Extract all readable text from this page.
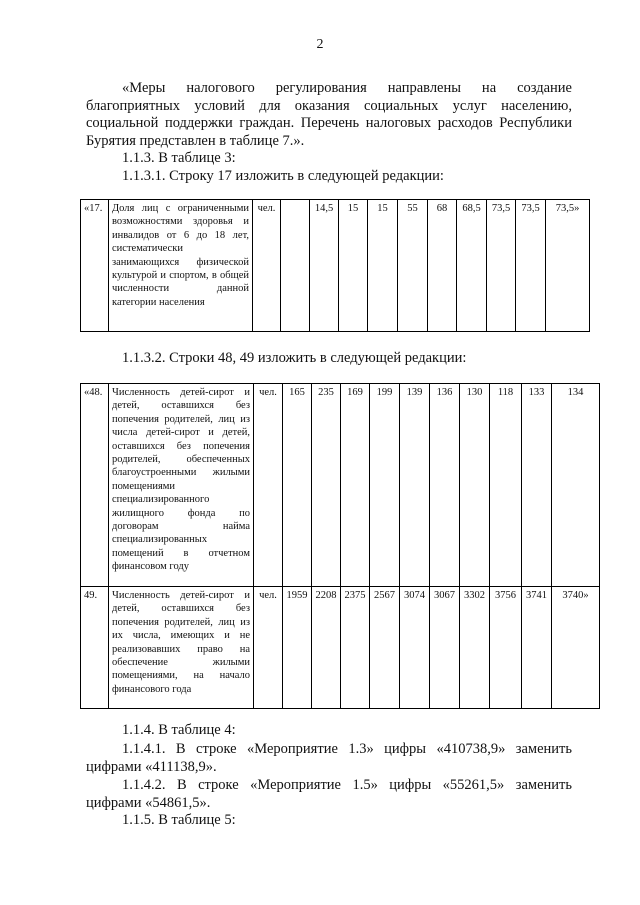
2
«Меры налогового регулирования направлены на создание благоприятных условий для оказания социальных услуг населению, социальной поддержки граждан. Перечень налоговых расходов Республики Бурятия представлен в таблице 7.».
1.1.3. В таблице 3:
1.1.3.1. Строку 17 изложить в следующей редакции:
«17.	Доля лиц с ограниченными возможностями здоровья и инвалидов от 6 до 18 лет, систематически занимающихся физической культурой и спортом, в общей численности данной категории населения	чел.		14,5	15	15	55	68	68,5	73,5	73,5	73,5»
1.1.3.2. Строки 48, 49 изложить в следующей редакции:
«48.	Численность детей-сирот и детей, оставшихся без попечения родителей, лиц из числа детей-сирот и детей, оставшихся без попечения родителей, обеспеченных благоустроенными жилыми помещениями специализированного жилищного фонда по договорам найма специализированных помещений в отчетном финансовом году	чел.	165	235	169	199	139	136	130	118	133	134
49.	Численность детей-сирот и детей, оставшихся без попечения родителей, лиц из их числа, имеющих и не реализовавших право на обеспечение жилыми помещениями, на начало финансового года	чел.	1959	2208	2375	2567	3074	3067	3302	3756	3741	3740»
1.1.4. В таблице 4:
1.1.4.1. В строке «Мероприятие 1.3» цифры «410738,9» заменить цифрами «411138,9».
1.1.4.2. В строке «Мероприятие 1.5» цифры «55261,5» заменить цифрами «54861,5».
1.1.5. В таблице 5:
